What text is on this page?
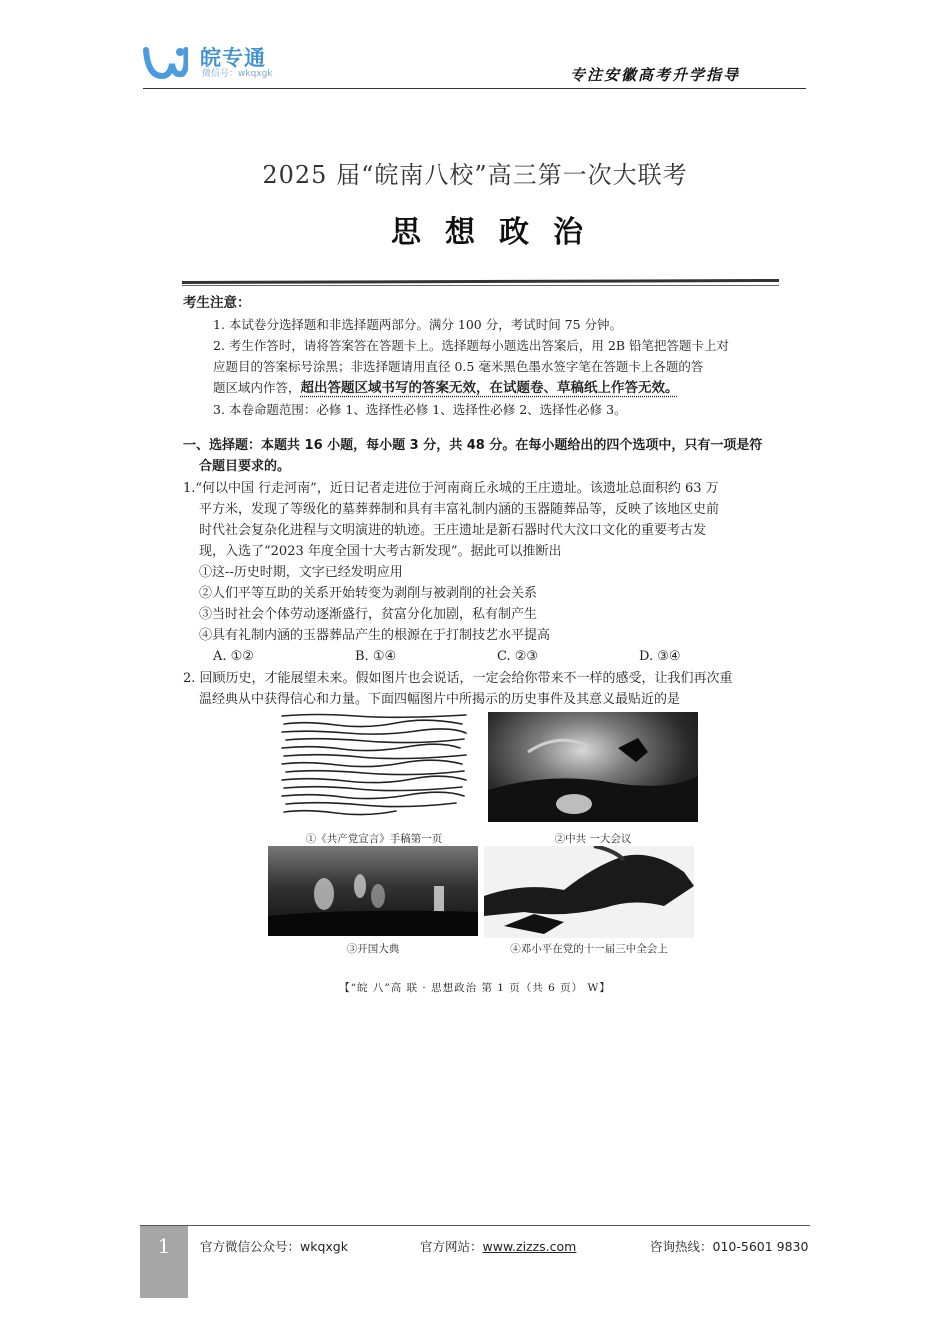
皖专通
微信号：wkqxgk	专注安徽高考升学指导
2025 届“皖南八校”高三第一次大联考
思想政治
考生注意：
1. 本试卷分选择题和非选择题两部分。满分 100 分，考试时间 75 分钟。
2. 考生作答时，请将答案答在答题卡上。选择题每小题选出答案后，用 2B 铅笔把答题卡上对
应题目的答案标号涂黑；非选择题请用直径 0.5 毫米黑色墨水签字笔在答题卡上各题的答
题区域内作答，超出答题区域书写的答案无效，在试题卷、草稿纸上作答无效。
3. 本卷命题范围：必修 1、选择性必修 1、选择性必修 2、选择性必修 3。
一、选择题：本题共 16 小题，每小题 3 分，共 48 分。在每小题给出的四个选项中，只有一项是符
合题目要求的。
1.“何以中国 行走河南”，近日记者走进位于河南商丘永城的王庄遗址。该遗址总面积约 63 万
平方米，发现了等级化的墓葬葬制和具有丰富礼制内涵的玉器随葬品等，反映了该地区史前
时代社会复杂化进程与文明演进的轨迹。王庄遗址是新石器时代大汶口文化的重要考古发
现，入选了“2023 年度全国十大考古新发现”。据此可以推断出
①这--历史时期，文字已经发明应用
②人们平等互助的关系开始转变为剥削与被剥削的社会关系
③当时社会个体劳动逐渐盛行，贫富分化加剧，私有制产生
④具有礼制内涵的玉器葬品产生的根源在于打制技艺水平提高
A. ①②	B. ①④	C. ②③	D. ③④
2. 回顾历史，才能展望未来。假如图片也会说话，一定会给你带来不一样的感受，让我们再次重
温经典从中获得信心和力量。下面四幅图片中所揭示的历史事件及其意义最贴近的是
①《共产党宣言》手稿第一页	②中共 一大会议
③开国大典	④邓小平在党的十一届三中全会上
【“皖 八”高 联 · 思想政治 第 1 页（共 6 页） W】
1	官方微信公众号：wkqxgk	官方网站：www.zizzs.com	咨询热线：010-5601 9830
